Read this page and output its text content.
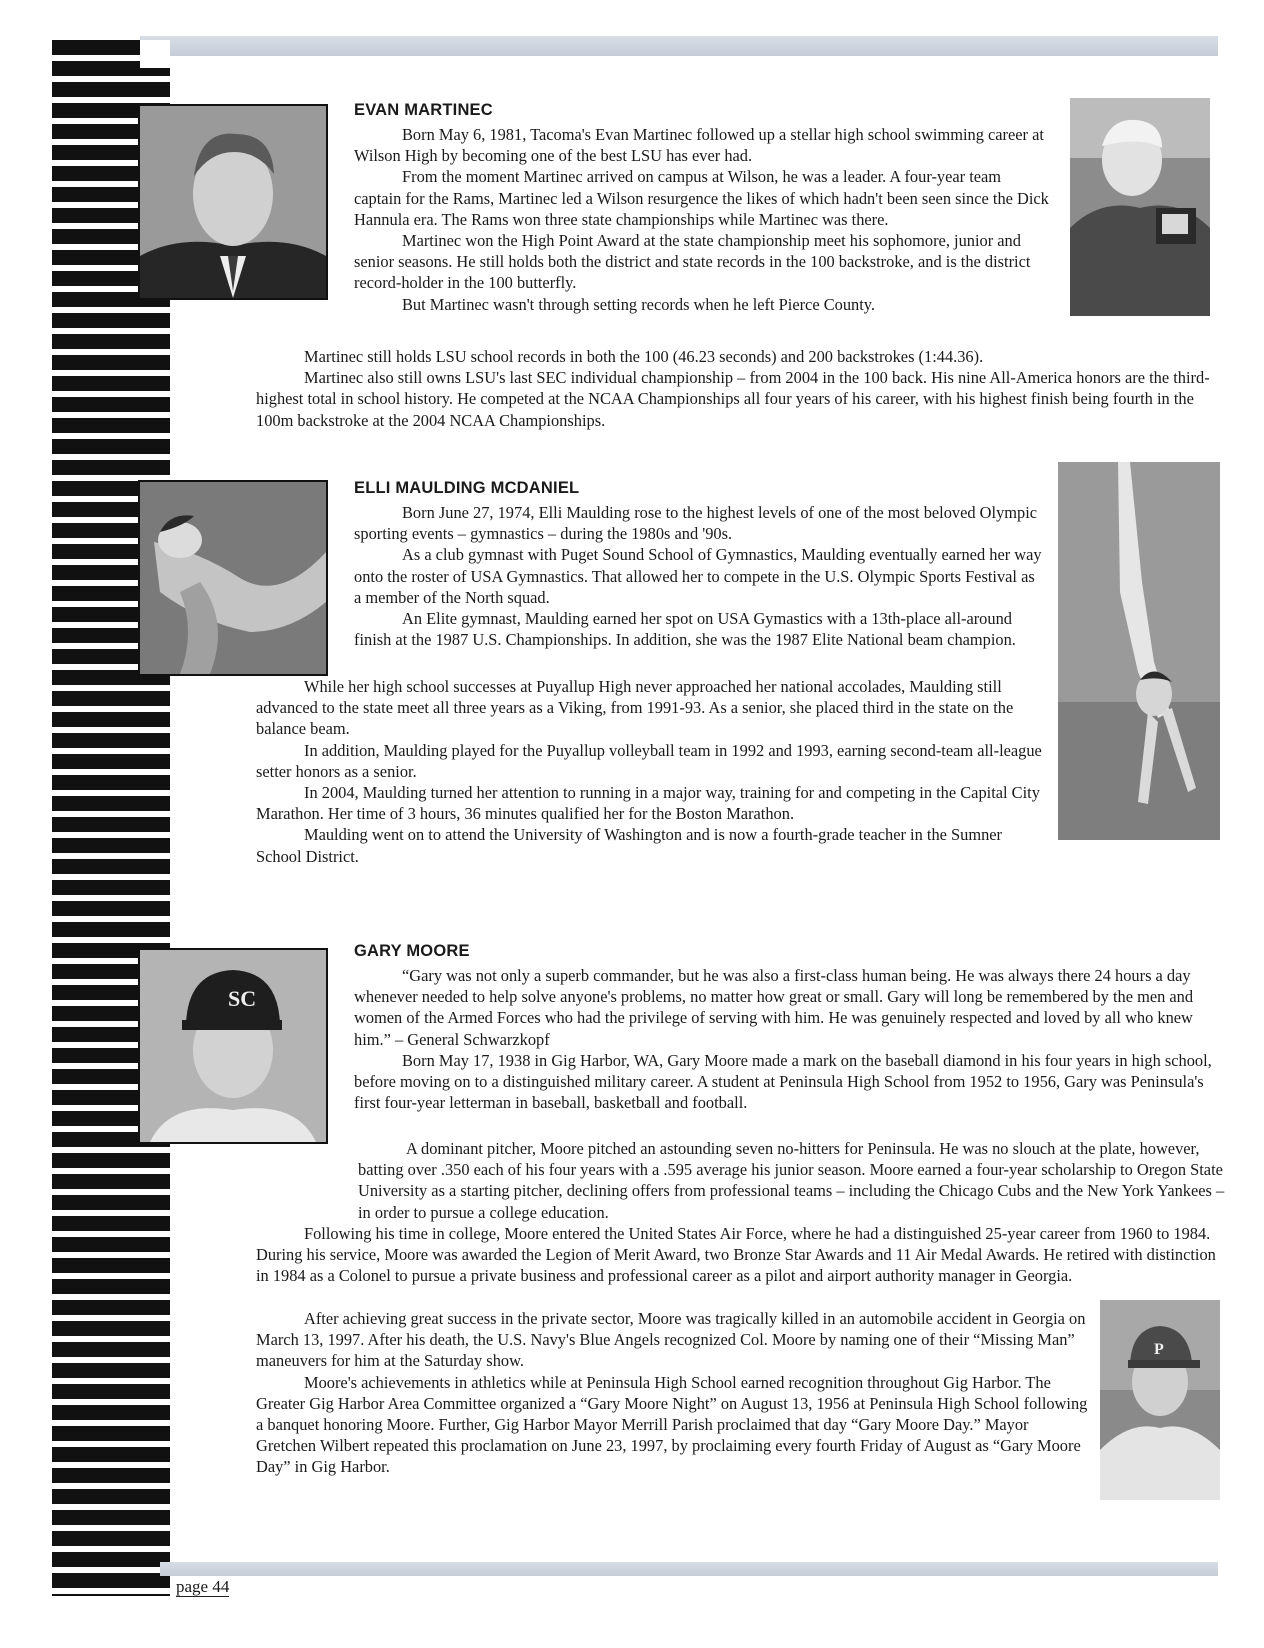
page 44
EVAN MARTINEC

Born May 6, 1981, Tacoma's Evan Martinec followed up a stellar high school swimming career at Wilson High by becoming one of the best LSU has ever had.

From the moment Martinec arrived on campus at Wilson, he was a leader. A four-year team captain for the Rams, Martinec led a Wilson resurgence the likes of which hadn't been seen since the Dick Hannula era. The Rams won three state championships while Martinec was there.

Martinec won the High Point Award at the state championship meet his sophomore, junior and senior seasons. He still holds both the district and state records in the 100 backstroke, and is the district record-holder in the 100 butterfly.

But Martinec wasn't through setting records when he left Pierce County.

Martinec still holds LSU school records in both the 100 (46.23 seconds) and 200 backstrokes (1:44.36).

Martinec also still owns LSU's last SEC individual championship – from 2004 in the 100 back. His nine All-America honors are the third-highest total in school history. He competed at the NCAA Championships all four years of his career, with his highest finish being fourth in the 100m backstroke at the 2004 NCAA Championships.

ELLI MAULDING MCDANIEL

Born June 27, 1974, Elli Maulding rose to the highest levels of one of the most beloved Olympic sporting events – gymnastics – during the 1980s and '90s.

As a club gymnast with Puget Sound School of Gymnastics, Maulding eventually earned her way onto the roster of USA Gymnastics. That allowed her to compete in the U.S. Olympic Sports Festival as a member of the North squad.

An Elite gymnast, Maulding earned her spot on USA Gymastics with a 13th-place all-around finish at the 1987 U.S. Championships. In addition, she was the 1987 Elite National beam champion.

While her high school successes at Puyallup High never approached her national accolades, Maulding still advanced to the state meet all three years as a Viking, from 1991-93. As a senior, she placed third in the state on the balance beam.

In addition, Maulding played for the Puyallup volleyball team in 1992 and 1993, earning second-team all-league setter honors as a senior.

In 2004, Maulding turned her attention to running in a major way, training for and competing in the Capital City Marathon. Her time of 3 hours, 36 minutes qualified her for the Boston Marathon.

Maulding went on to attend the University of Washington and is now a fourth-grade teacher in the Sumner School District.

SC
P
GARY MOORE

“Gary was not only a superb commander, but he was also a first-class human being. He was always there 24 hours a day whenever needed to help solve anyone's problems, no matter how great or small. Gary will long be remembered by the men and women of the Armed Forces who had the privilege of serving with him. He was genuinely respected and loved by all who knew him.” – General Schwarzkopf

Born May 17, 1938 in Gig Harbor, WA, Gary Moore made a mark on the baseball diamond in his four years in high school, before moving on to a distinguished military career. A student at Peninsula High School from 1952 to 1956, Gary was Peninsula's first four-year letterman in baseball, basketball and football.

A dominant pitcher, Moore pitched an astounding seven no-hitters for Peninsula. He was no slouch at the plate, however, batting over .350 each of his four years with a .595 average his junior season. Moore earned a four-year scholarship to Oregon State University as a starting pitcher, declining offers from professional teams – including the Chicago Cubs and the New York Yankees – in order to pursue a college education.

Following his time in college, Moore entered the United States Air Force, where he had a distinguished 25-year career from 1960 to 1984. During his service, Moore was awarded the Legion of Merit Award, two Bronze Star Awards and 11 Air Medal Awards. He retired with distinction in 1984 as a Colonel to pursue a private business and professional career as a pilot and airport authority manager in Georgia.

After achieving great success in the private sector, Moore was tragically killed in an automobile accident in Georgia on March 13, 1997. After his death, the U.S. Navy's Blue Angels recognized Col. Moore by naming one of their “Missing Man” maneuvers for him at the Saturday show.

Moore's achievements in athletics while at Peninsula High School earned recognition throughout Gig Harbor. The Greater Gig Harbor Area Committee organized a “Gary Moore Night” on August 13, 1956 at Peninsula High School following a banquet honoring Moore. Further, Gig Harbor Mayor Merrill Parish proclaimed that day “Gary Moore Day.” Mayor Gretchen Wilbert repeated this proclamation on June 23, 1997, by proclaiming every fourth Friday of August as “Gary Moore Day” in Gig Harbor.
